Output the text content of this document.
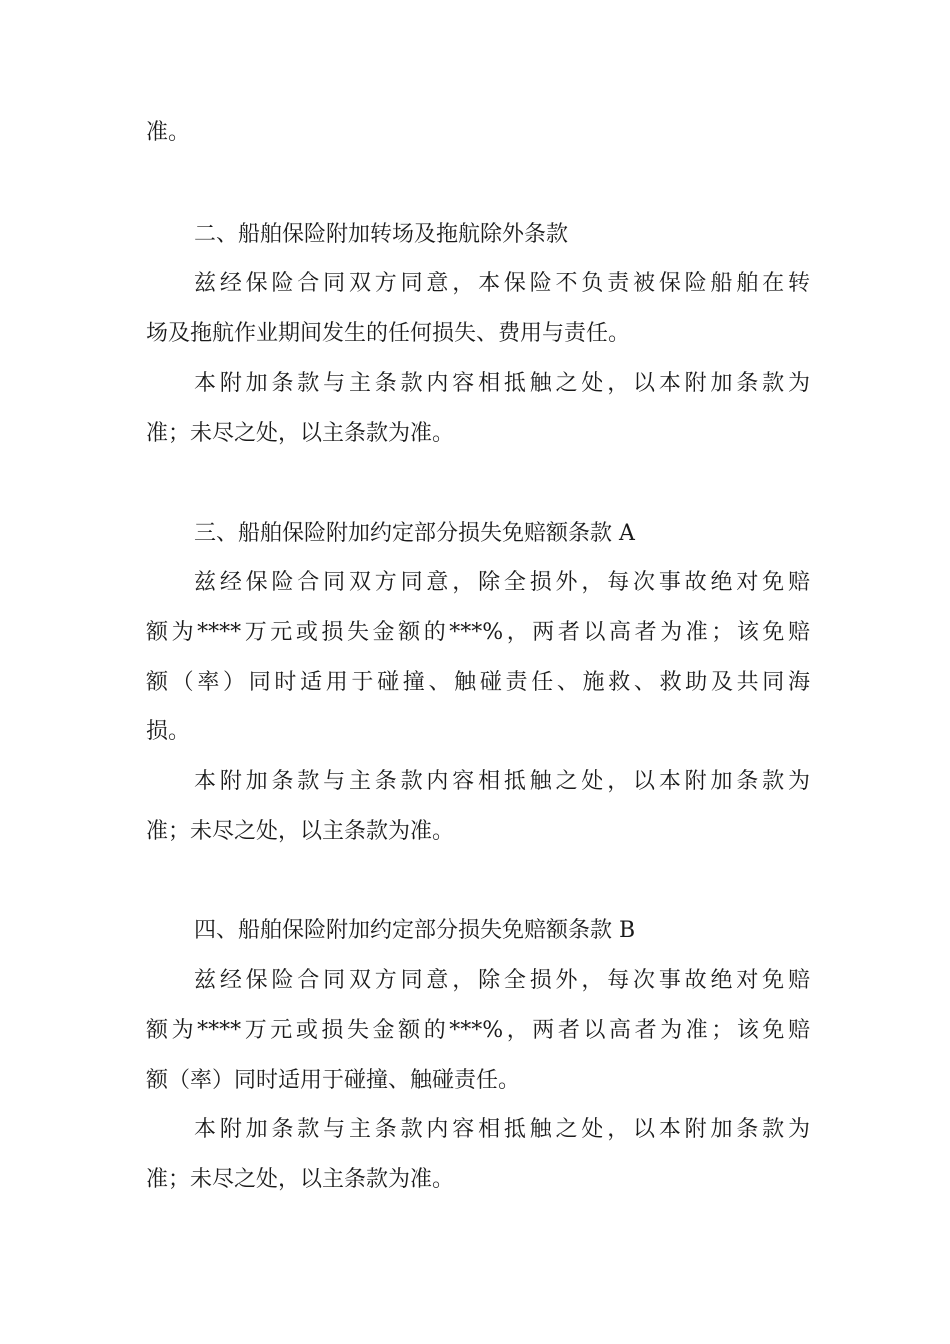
准。
二、船舶保险附加转场及拖航除外条款
兹经保险合同双方同意，本保险不负责被保险船舶在转
场及拖航作业期间发生的任何损失、费用与责任。
本附加条款与主条款内容相抵触之处，以本附加条款为
准；未尽之处，以主条款为准。
三、船舶保险附加约定部分损失免赔额条款 A
兹经保险合同双方同意，除全损外，每次事故绝对免赔
额为****万元或损失金额的***%，两者以高者为准；该免赔
额（率）同时适用于碰撞、触碰责任、施救、救助及共同海
损。
本附加条款与主条款内容相抵触之处，以本附加条款为
准；未尽之处，以主条款为准。
四、船舶保险附加约定部分损失免赔额条款 B
兹经保险合同双方同意，除全损外，每次事故绝对免赔
额为****万元或损失金额的***%，两者以高者为准；该免赔
额（率）同时适用于碰撞、触碰责任。
本附加条款与主条款内容相抵触之处，以本附加条款为
准；未尽之处，以主条款为准。
